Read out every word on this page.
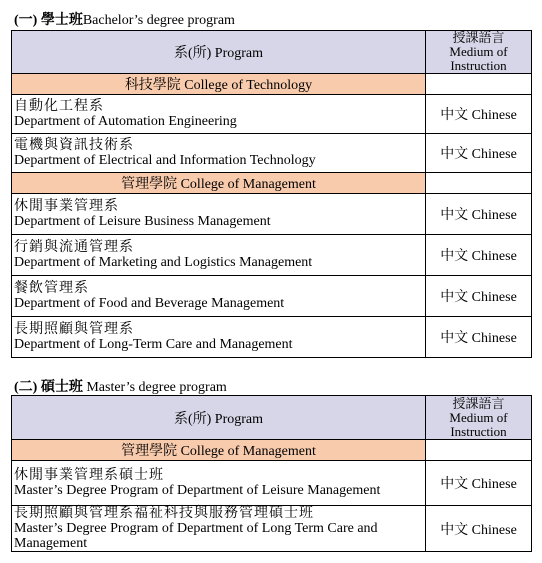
(一) 學士班Bachelor’s degree program
系(所) Program	授課語言
Medium of
Instruction

科技學院 College of Technology	

自動化工程系
Department of Automation Engineering	中文 Chinese

電機與資訊技術系
Department of Electrical and Information Technology	中文 Chinese
管理學院 College of Management	

休閒事業管理系
Department of Leisure Business Management	中文 Chinese

行銷與流通管理系
Department of Marketing and Logistics Management	中文 Chinese

餐飲管理系
Department of Food and Beverage Management	中文 Chinese

長期照顧與管理系
Department of Long-Term Care and Management	中文 Chinese
(二) 碩士班 Master’s degree program
系(所) Program	授課語言
Medium of
Instruction

管理學院 College of Management	

休閒事業管理系碩士班
Master’s Degree Program of Department of Leisure Management	中文 Chinese

長期照顧與管理系福祉科技與服務管理碩士班
Master’s Degree Program of Department of Long Term Care and Management	中文 Chinese
